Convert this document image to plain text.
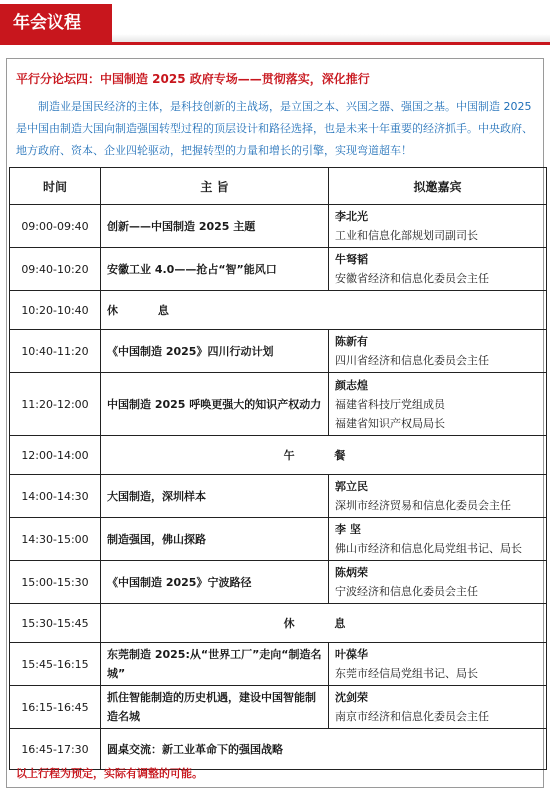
年会议程
平行分论坛四：中国制造 2025 政府专场——贯彻落实，深化推行

制造业是国民经济的主体，是科技创新的主战场，是立国之本、兴国之器、强国之基。中国制造 2025 是中国由制造大国向制造强国转型过程的顶层设计和路径选择，也是未来十年重要的经济抓手。中央政府、地方政府、资本、企业四轮驱动，把握转型的力量和增长的引擎，实现弯道超车！

时间	主 旨	拟邀嘉宾
09:00-09:40	创新——中国制造 2025 主题	李北光
工业和信息化部规划司副司长

09:40-10:20	安徽工业 4.0——抢占“智”能风口	牛弩韬
安徽省经济和信息化委员会主任

10:20-10:40	休 息	
10:40-11:20	《中国制造 2025》四川行动计划	陈新有
四川省经济和信息化委员会主任

11:20-12:00	中国制造 2025 呼唤更强大的知识产权动力	颜志煌
福建省科技厅党组成员
福建省知识产权局局长

12:00-14:00	午 餐	
14:00-14:30	大国制造，深圳样本	郭立民
深圳市经济贸易和信息化委员会主任

14:30-15:00	制造强国，佛山探路	李 坚
佛山市经济和信息化局党组书记、局长

15:00-15:30	《中国制造 2025》宁波路径	陈炳荣
宁波经济和信息化委员会主任

15:30-15:45	休 息	
15:45-16:15	东莞制造 2025:从“世界工厂”走向“制造名城”	叶葆华
东莞市经信局党组书记、局长

16:15-16:45	抓住智能制造的历史机遇，建设中国智能制造名城	沈剑荣
南京市经济和信息化委员会主任

16:45-17:30	圆桌交流：新工业革命下的强国战略	
以上行程为预定，实际有调整的可能。
